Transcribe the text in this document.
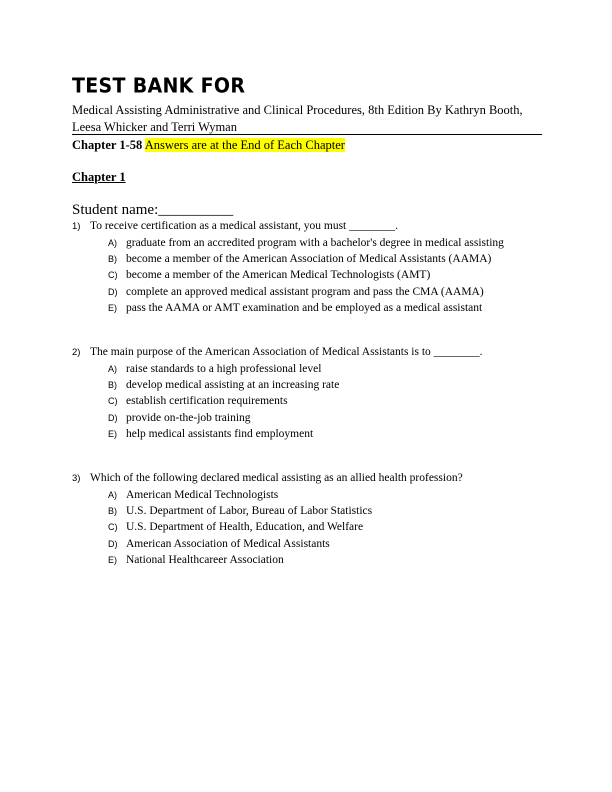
TEST BANK FOR
Medical Assisting Administrative and Clinical Procedures, 8th Edition By Kathryn Booth, Leesa Whicker and Terri Wyman
Chapter 1-58 Answers are at the End of Each Chapter
Chapter 1
Student name:__________
1) To receive certification as a medical assistant, you must ________.
A) graduate from an accredited program with a bachelor's degree in medical assisting
B) become a member of the American Association of Medical Assistants (AAMA)
C) become a member of the American Medical Technologists (AMT)
D) complete an approved medical assistant program and pass the CMA (AAMA)
E) pass the AAMA or AMT examination and be employed as a medical assistant
2) The main purpose of the American Association of Medical Assistants is to ________.
A) raise standards to a high professional level
B) develop medical assisting at an increasing rate
C) establish certification requirements
D) provide on-the-job training
E) help medical assistants find employment
3) Which of the following declared medical assisting as an allied health profession?
A) American Medical Technologists
B) U.S. Department of Labor, Bureau of Labor Statistics
C) U.S. Department of Health, Education, and Welfare
D) American Association of Medical Assistants
E) National Healthcareer Association
